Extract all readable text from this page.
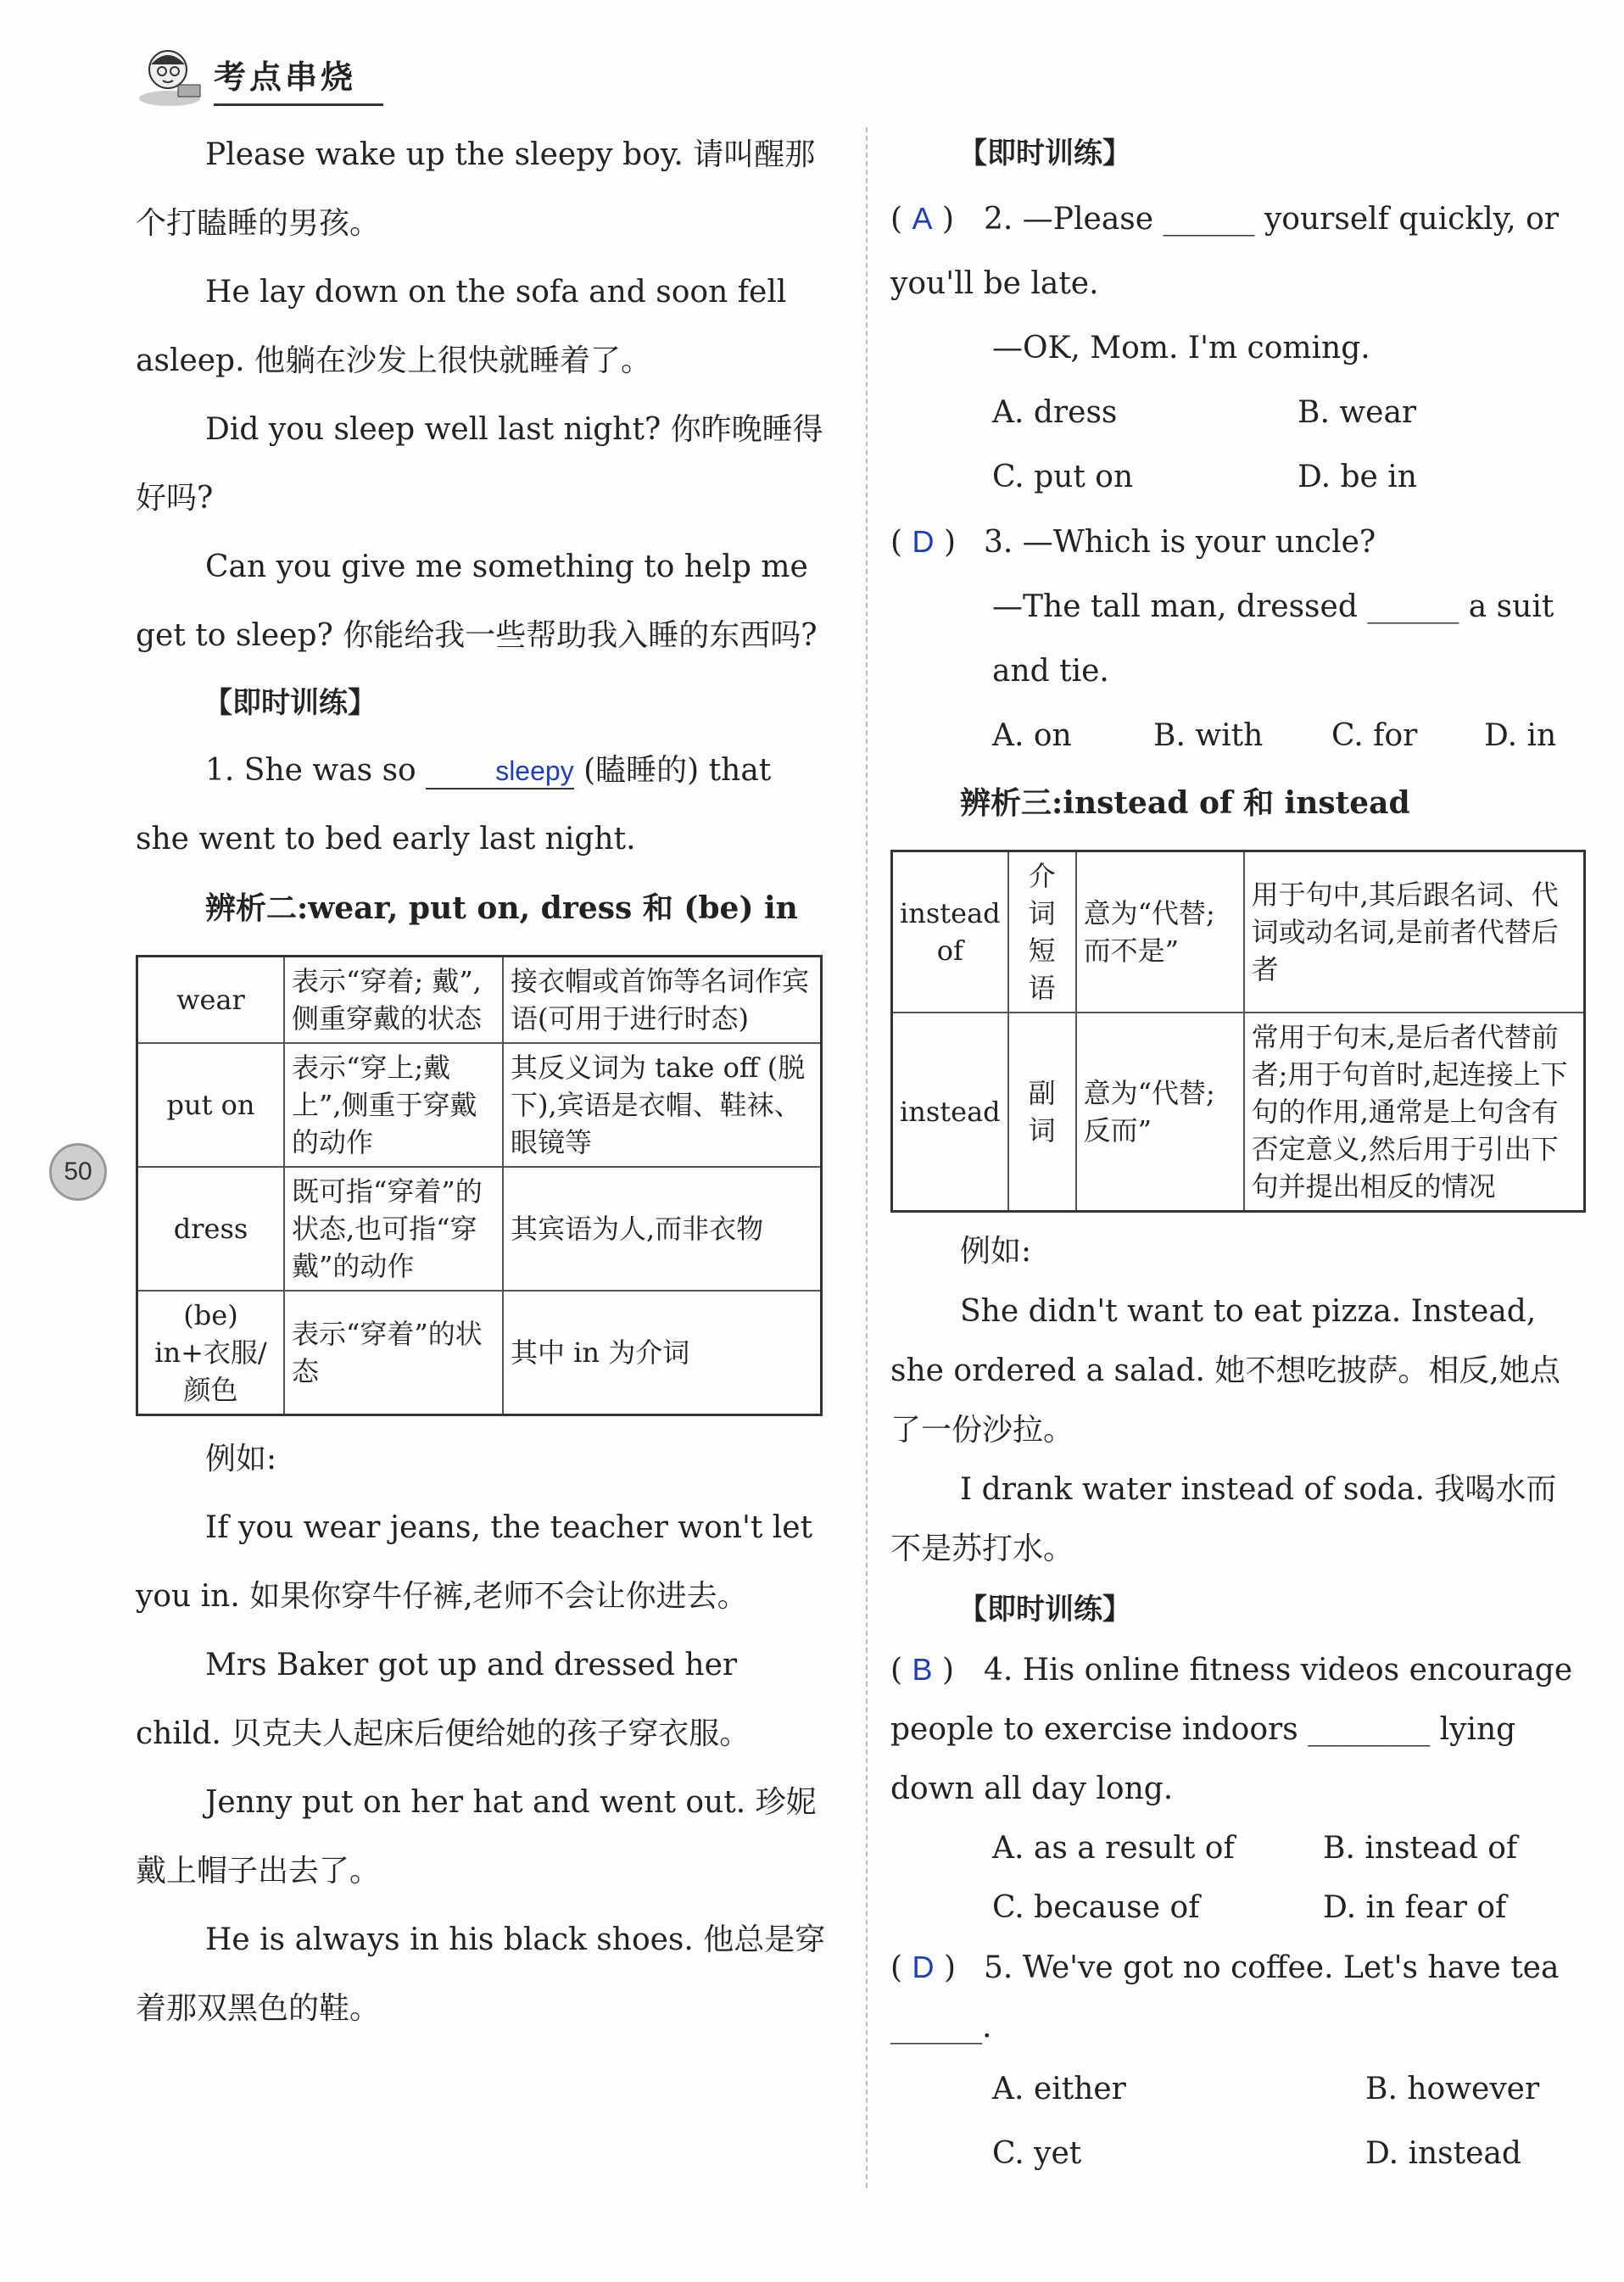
考点串烧
50

Please wake up the sleepy boy. 请叫醒那个打瞌睡的男孩。

He lay down on the sofa and soon fell asleep. 他躺在沙发上很快就睡着了。

Did you sleep well last night? 你昨晚睡得好吗?

Can you give me something to help me get to sleep? 你能给我一些帮助我入睡的东西吗?

【即时训练】

1. She was so	sleepy (瞌睡的) that she went to bed early last night.

辨析二:wear, put on, dress 和 (be) in
wear	表示“穿着; 戴”,侧重穿戴的状态	接衣帽或首饰等名词作宾语(可用于进行时态)
put on	表示“穿上;戴上”,侧重于穿戴的动作	其反义词为 take off (脱下),宾语是衣帽、鞋袜、眼镜等
dress	既可指“穿着”的状态,也可指“穿戴”的动作	其宾语为人,而非衣物
(be) in+衣服/颜色	表示“穿着”的状态	其中 in 为介词

例如:

If you wear jeans, the teacher won't let you in. 如果你穿牛仔裤,老师不会让你进去。

Mrs Baker got up and dressed her child. 贝克夫人起床后便给她的孩子穿衣服。

Jenny put on her hat and went out. 珍妮戴上帽子出去了。

He is always in his black shoes. 他总是穿着那双黑色的鞋。

【即时训练】

( A ) 2. —Please ______ yourself quickly, or you'll be late.

—OK, Mom. I'm coming.

A. dress	B. wear
C. put on	D. be in

( D ) 3. —Which is your uncle?

—The tall man, dressed ______ a suit and tie.

A. on	B. with	C. for	D. in
辨析三:instead of 和 instead
instead of	介词短语	意为“代替;而不是”	用于句中,其后跟名词、代词或动名词,是前者代替后者
instead	副词	意为“代替;反而”	常用于句末,是后者代替前者;用于句首时,起连接上下句的作用,通常是上句含有否定意义,然后用于引出下句并提出相反的情况

例如:

She didn't want to eat pizza. Instead, she ordered a salad. 她不想吃披萨。相反,她点了一份沙拉。

I drank water instead of soda. 我喝水而不是苏打水。

【即时训练】

( B ) 4. His online fitness videos encourage people to exercise indoors ________ lying down all day long.

A. as a result of	B. instead of
C. because of	D. in fear of

( D ) 5. We've got no coffee. Let's have tea ______.

A. either	B. however
C. yet	D. instead
